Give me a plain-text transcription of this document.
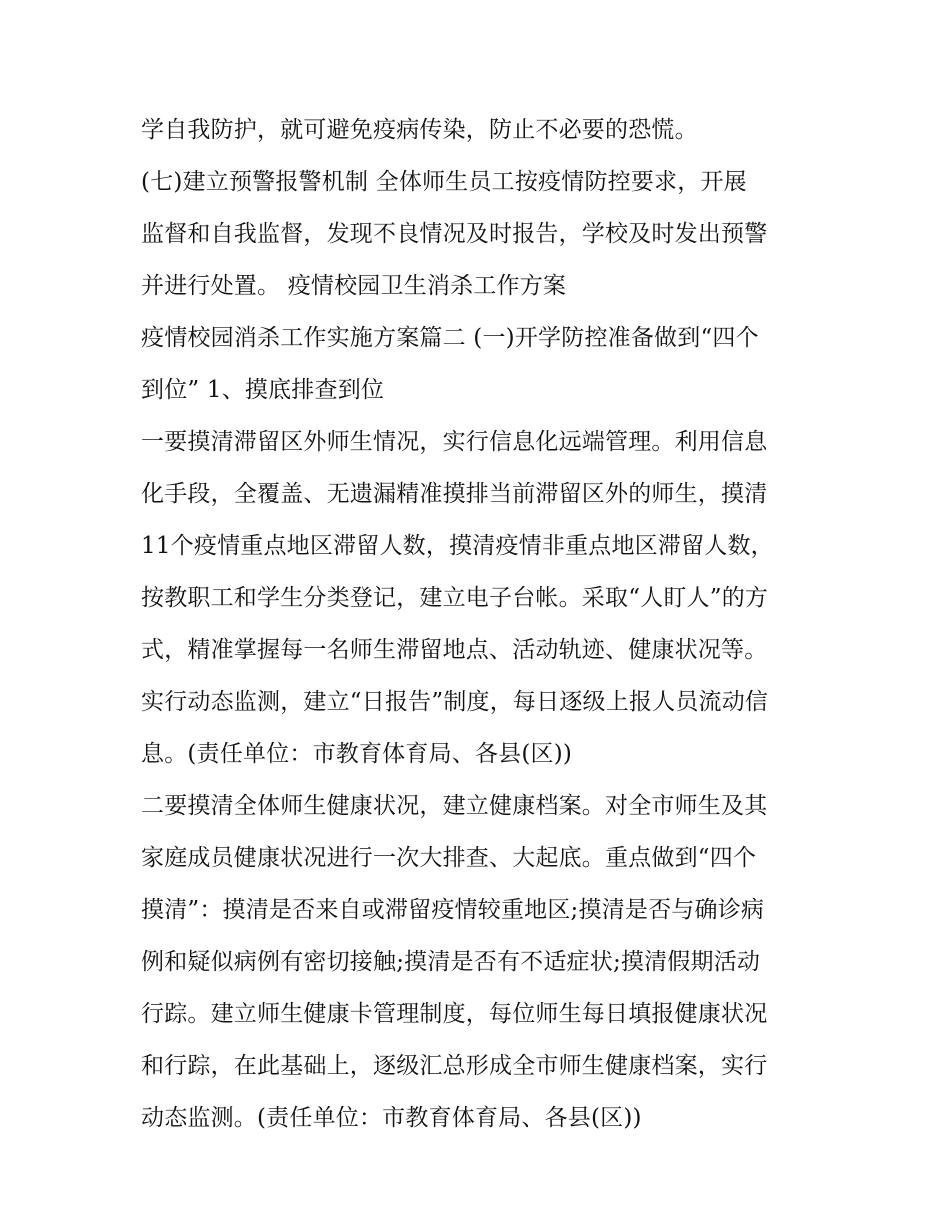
学自我防护，就可避免疫病传染，防止不必要的恐慌。
(七)建立预警报警机制 全体师生员工按疫情防控要求，开展
监督和自我监督，发现不良情况及时报告，学校及时发出预警
并进行处置。 疫情校园卫生消杀工作方案
疫情校园消杀工作实施方案篇二 (一)开学防控准备做到“四个
到位” 1、摸底排查到位
一要摸清滞留区外师生情况，实行信息化远端管理。利用信息
化手段，全覆盖、无遗漏精准摸排当前滞留区外的师生，摸清
11个疫情重点地区滞留人数，摸清疫情非重点地区滞留人数，
按教职工和学生分类登记，建立电子台帐。采取“人盯人”的方
式，精准掌握每一名师生滞留地点、活动轨迹、健康状况等。
实行动态监测，建立“日报告”制度，每日逐级上报人员流动信
息。(责任单位：市教育体育局、各县(区))
二要摸清全体师生健康状况，建立健康档案。对全市师生及其
家庭成员健康状况进行一次大排查、大起底。重点做到“四个
摸清”：摸清是否来自或滞留疫情较重地区;摸清是否与确诊病
例和疑似病例有密切接触;摸清是否有不适症状;摸清假期活动
行踪。建立师生健康卡管理制度，每位师生每日填报健康状况
和行踪，在此基础上，逐级汇总形成全市师生健康档案，实行
动态监测。(责任单位：市教育体育局、各县(区))
